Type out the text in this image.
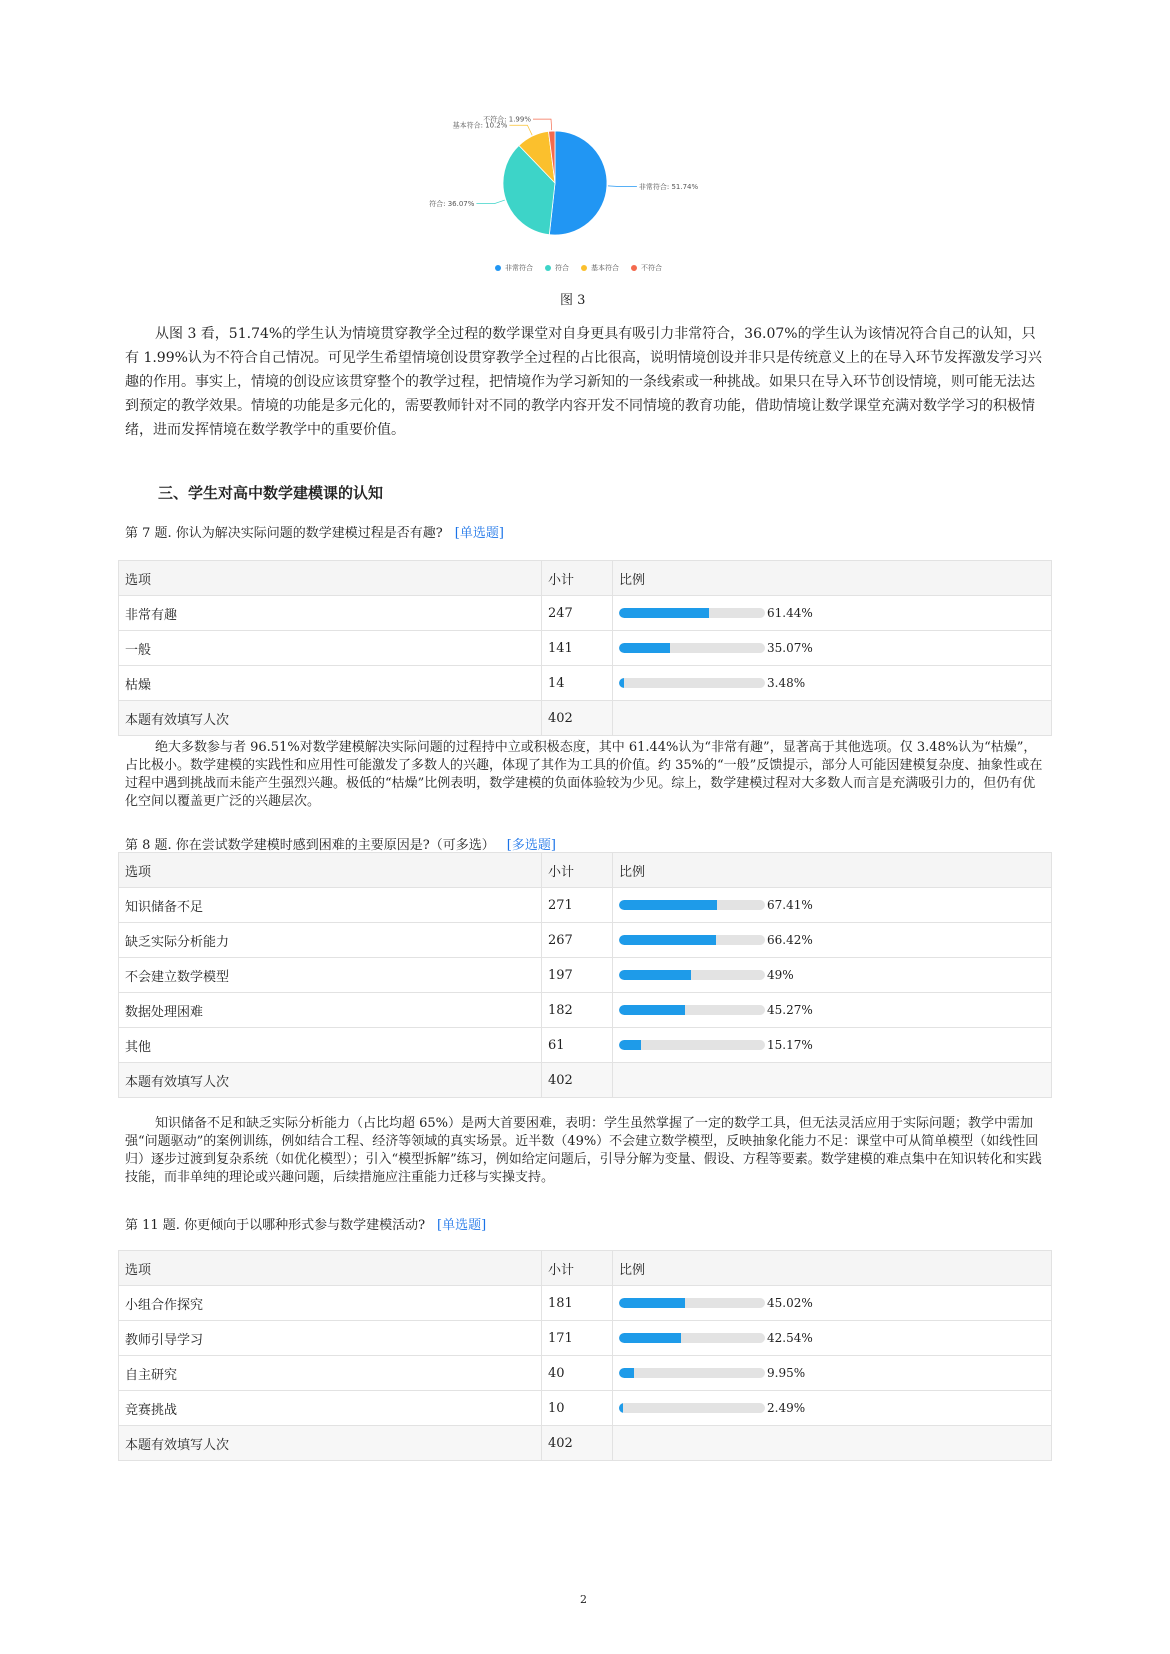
非常符合: 51.74%
符合: 36.07%
基本符合: 10.2%
不符合: 1.99%
非常符合	符合	基本符合	不符合
图 3
从图 3 看，51.74%的学生认为情境贯穿教学全过程的数学课堂对自身更具有吸引力非常符合，36.07%的学生认为该情况符合自己的认知，只有 1.99%认为不符合自己情况。可见学生希望情境创设贯穿教学全过程的占比很高，说明情境创设并非只是传统意义上的在导入环节发挥激发学习兴趣的作用。事实上，情境的创设应该贯穿整个的教学过程，把情境作为学习新知的一条线索或一种挑战。如果只在导入环节创设情境，则可能无法达到预定的教学效果。情境的功能是多元化的，需要教师针对不同的教学内容开发不同情境的教育功能，借助情境让数学课堂充满对数学学习的积极情绪，进而发挥情境在数学教学中的重要价值。
三、学生对高中数学建模课的认知
第 7 题. 你认为解决实际问题的数学建模过程是否有趣? [单选题]
选项	小计	比例
非常有趣	247	61.44%

一般	141	35.07%

枯燥	14	3.48%

本题有效填写人次	402	
绝大多数参与者 96.51%对数学建模解决实际问题的过程持中立或积极态度，其中 61.44%认为“非常有趣”，显著高于其他选项。仅 3.48%认为“枯燥”，占比极小。数学建模的实践性和应用性可能激发了多数人的兴趣，体现了其作为工具的价值。约 35%的“一般”反馈提示，部分人可能因建模复杂度、抽象性或在过程中遇到挑战而未能产生强烈兴趣。极低的“枯燥”比例表明，数学建模的负面体验较为少见。综上，数学建模过程对大多数人而言是充满吸引力的，但仍有优化空间以覆盖更广泛的兴趣层次。
第 8 题. 你在尝试数学建模时感到困难的主要原因是?（可多选） [多选题]
选项	小计	比例
知识储备不足	271	67.41%

缺乏实际分析能力	267	66.42%

不会建立数学模型	197	49%

数据处理困难	182	45.27%

其他	61	15.17%

本题有效填写人次	402	
知识储备不足和缺乏实际分析能力（占比均超 65%）是两大首要困难，表明：学生虽然掌握了一定的数学工具，但无法灵活应用于实际问题；教学中需加强“问题驱动”的案例训练，例如结合工程、经济等领域的真实场景。近半数（49%）不会建立数学模型，反映抽象化能力不足：课堂中可从简单模型（如线性回归）逐步过渡到复杂系统（如优化模型）；引入“模型拆解”练习，例如给定问题后，引导分解为变量、假设、方程等要素。数学建模的难点集中在知识转化和实践技能，而非单纯的理论或兴趣问题，后续措施应注重能力迁移与实操支持。
第 11 题. 你更倾向于以哪种形式参与数学建模活动? [单选题]
选项	小计	比例
小组合作探究	181	45.02%

教师引导学习	171	42.54%

自主研究	40	9.95%

竞赛挑战	10	2.49%

本题有效填写人次	402	
2
